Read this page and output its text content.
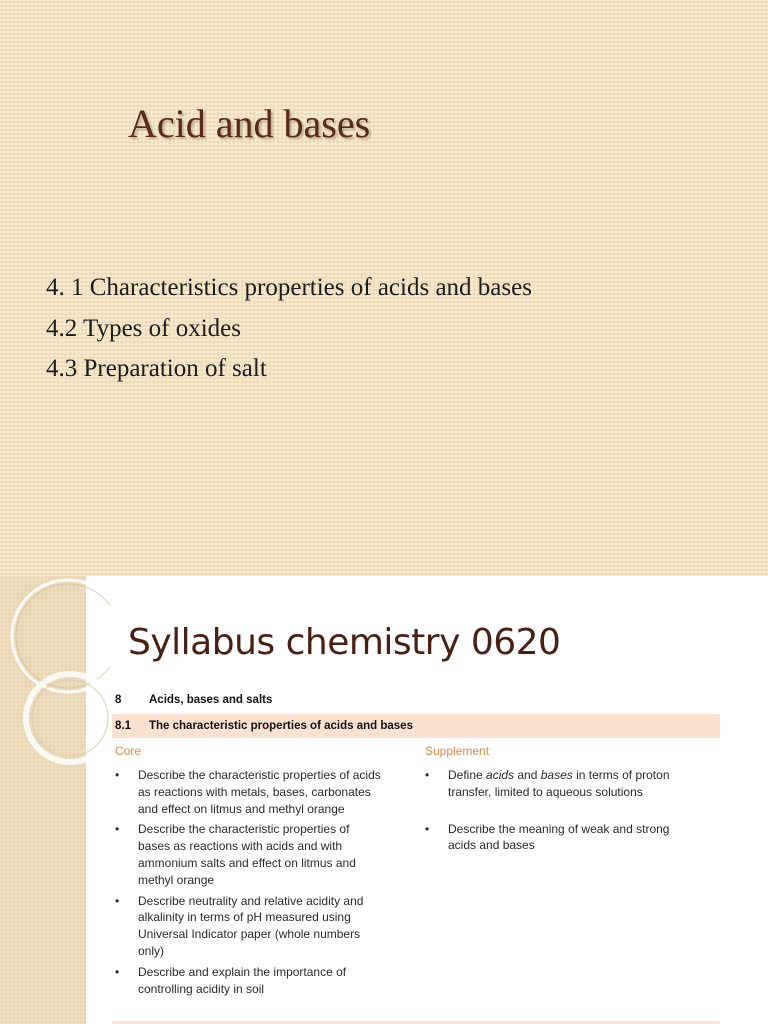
Acid and bases
4. 1 Characteristics properties of acids and bases
4.2 Types of oxides
4.3 Preparation of salt
Syllabus chemistry 0620
8 Acids, bases and salts
8.1 The characteristic properties of acids and bases
Core	Supplement
• Describe the characteristic properties of acids
as reactions with metals, bases, carbonates
and effect on litmus and methyl orange
• Describe the characteristic properties of
bases as reactions with acids and with
ammonium salts and effect on litmus and
methyl orange
• Describe neutrality and relative acidity and
alkalinity in terms of pH measured using
Universal Indicator paper (whole numbers
only)
• Describe and explain the importance of
controlling acidity in soil
• Define acids and bases in terms of proton
transfer, limited to aqueous solutions
• Describe the meaning of weak and strong
acids and bases
